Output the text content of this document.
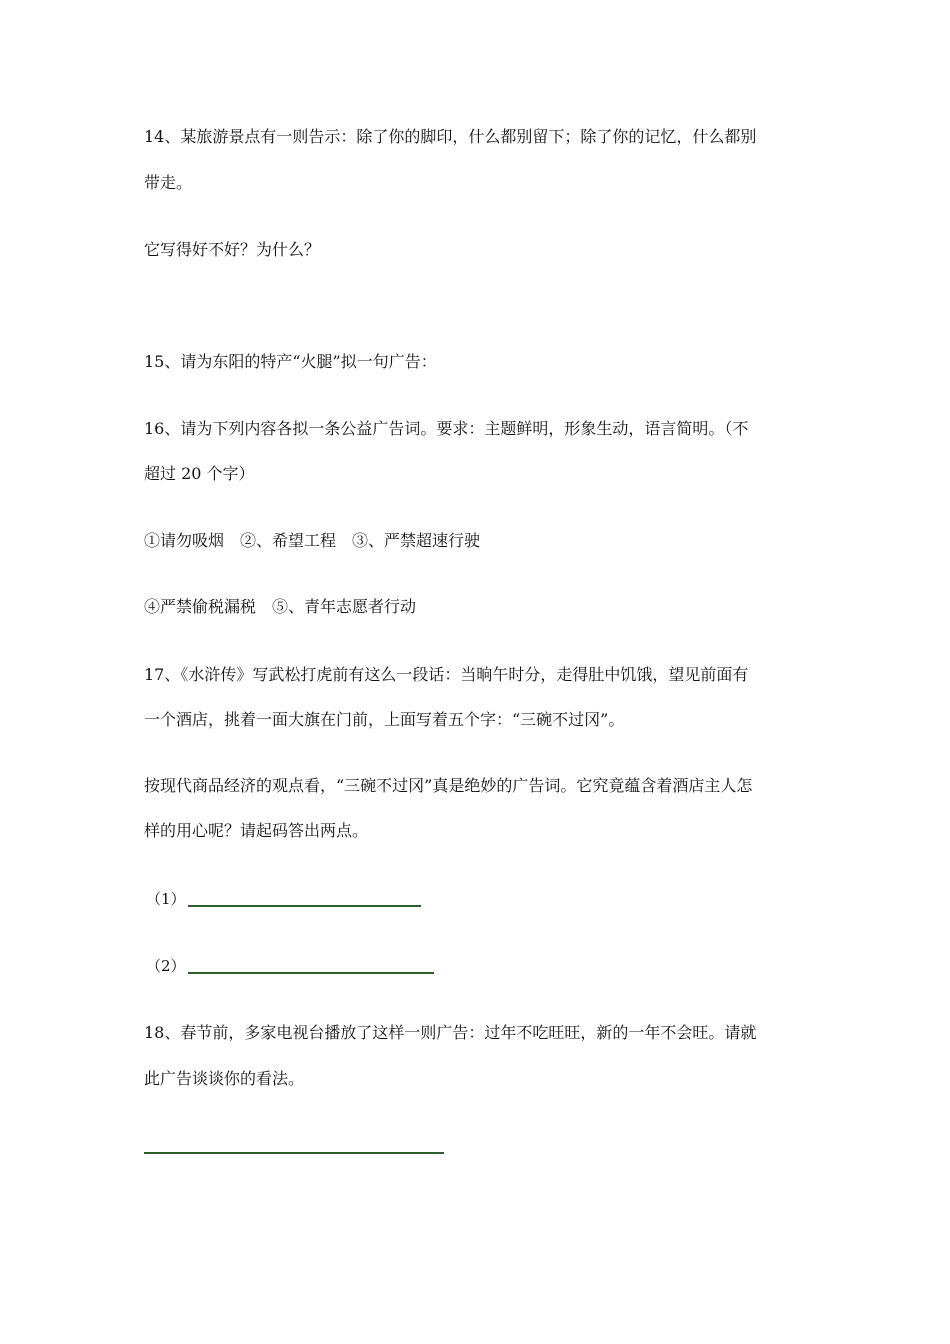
14、某旅游景点有一则告示：除了你的脚印，什么都别留下；除了你的记忆，什么都别
带走。
它写得好不好？为什么？
15、请为东阳的特产“火腿”拟一句广告：
16、请为下列内容各拟一条公益广告词。要求：主题鲜明，形象生动，语言简明。（不
超过 20 个字）
①请勿吸烟　②、希望工程　③、严禁超速行驶
④严禁偷税漏税　⑤、青年志愿者行动
17、《水浒传》写武松打虎前有这么一段话：当晌午时分，走得肚中饥饿，望见前面有
一个酒店，挑着一面大旗在门前，上面写着五个字：“三碗不过冈”。
按现代商品经济的观点看，“三碗不过冈”真是绝妙的广告词。它究竟蕴含着酒店主人怎
样的用心呢？请起码答出两点。
（1）
（2）
18、春节前，多家电视台播放了这样一则广告：过年不吃旺旺，新的一年不会旺。请就
此广告谈谈你的看法。
